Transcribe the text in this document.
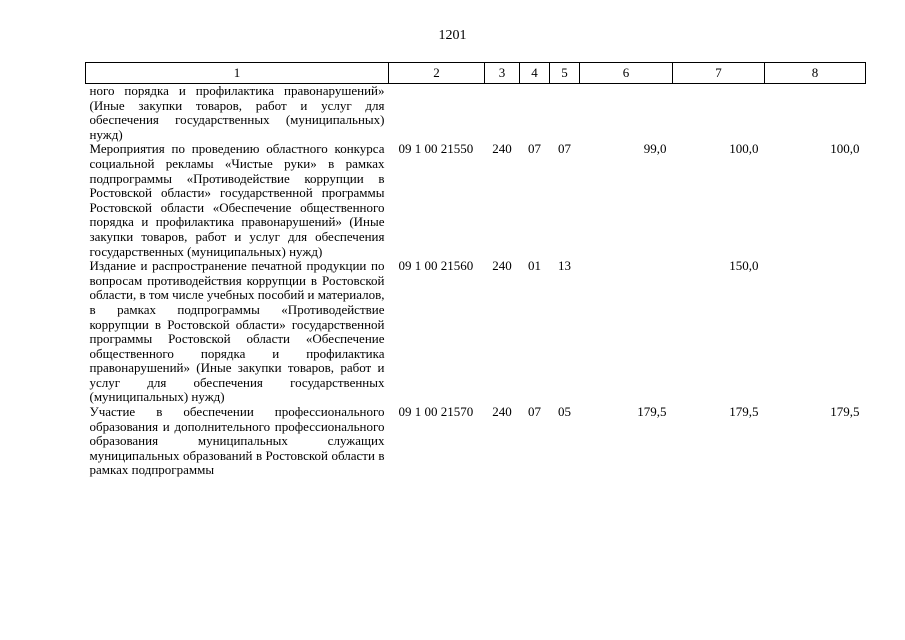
1201
1	2	3	4	5	6	7	8
ного порядка и профилактика правонарушений» (Иные закупки товаров, работ и услуг для обеспечения государственных (муниципальных) нужд)							
Мероприятия по проведению областного конкурса социальной рекламы «Чистые руки» в рамках подпрограммы «Противодействие коррупции в Ростовской области» государственной программы Ростовской области «Обеспечение общественного порядка и профилактика правонарушений» (Иные закупки товаров, работ и услуг для обеспечения государственных (муниципальных) нужд)	09 1 00 21550	240	07	07	99,0	100,0	100,0
Издание и распространение печатной продукции по вопросам противодействия коррупции в Ростовской области, в том числе учебных пособий и материалов, в рамках подпрограммы «Противодействие коррупции в Ростовской области» государственной программы Ростовской области «Обеспечение общественного порядка и профилактика правонарушений» (Иные закупки товаров, работ и услуг для обеспечения государственных (муниципальных) нужд)	09 1 00 21560	240	01	13		150,0	
Участие в обеспечении профессионального образования и дополнительного профессионального образования муниципальных служащих муниципальных образований в Ростовской области в рамках подпрограммы	09 1 00 21570	240	07	05	179,5	179,5	179,5
